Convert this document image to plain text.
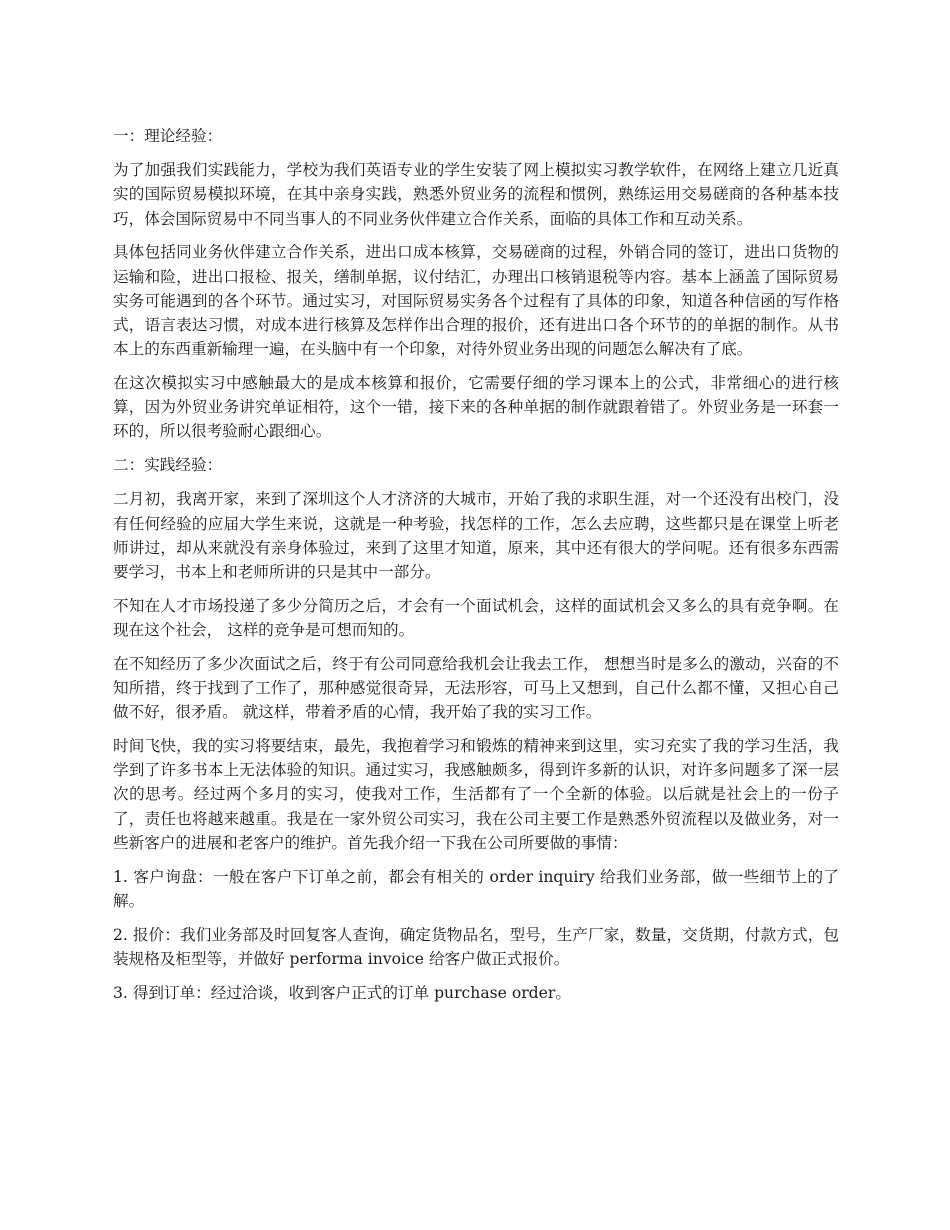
一：理论经验：

为了加强我们实践能力，学校为我们英语专业的学生安装了网上模拟实习教学软件，在网络上建立几近真实的国际贸易模拟环境，在其中亲身实践，熟悉外贸业务的流程和惯例，熟练运用交易磋商的各种基本技巧，体会国际贸易中不同当事人的不同业务伙伴建立合作关系，面临的具体工作和互动关系。

具体包括同业务伙伴建立合作关系，进出口成本核算，交易磋商的过程，外销合同的签订，进出口货物的运输和险，进出口报检、报关，缮制单据，议付结汇，办理出口核销退税等内容。基本上涵盖了国际贸易实务可能遇到的各个环节。通过实习，对国际贸易实务各个过程有了具体的印象，知道各种信函的写作格式，语言表达习惯，对成本进行核算及怎样作出合理的报价，还有进出口各个环节的的单据的制作。从书本上的东西重新输理一遍，在头脑中有一个印象，对待外贸业务出现的问题怎么解决有了底。

在这次模拟实习中感触最大的是成本核算和报价，它需要仔细的学习课本上的公式，非常细心的进行核算，因为外贸业务讲究单证相符，这个一错，接下来的各种单据的制作就跟着错了。外贸业务是一环套一环的，所以很考验耐心跟细心。

二：实践经验：

二月初，我离开家，来到了深圳这个人才济济的大城市，开始了我的求职生涯，对一个还没有出校门，没有任何经验的应届大学生来说，这就是一种考验，找怎样的工作，怎么去应聘，这些都只是在课堂上听老师讲过，却从来就没有亲身体验过，来到了这里才知道，原来，其中还有很大的学问呢。还有很多东西需要学习，书本上和老师所讲的只是其中一部分。

不知在人才市场投递了多少分简历之后，才会有一个面试机会，这样的面试机会又多么的具有竞争啊。在现在这个社会， 这样的竞争是可想而知的。

在不知经历了多少次面试之后，终于有公司同意给我机会让我去工作， 想想当时是多么的激动，兴奋的不知所措，终于找到了工作了，那种感觉很奇异，无法形容，可马上又想到，自己什么都不懂，又担心自己做不好，很矛盾。 就这样，带着矛盾的心情，我开始了我的实习工作。

时间飞快，我的实习将要结束，最先，我抱着学习和锻炼的精神来到这里，实习充实了我的学习生活，我学到了许多书本上无法体验的知识。通过实习，我感触颇多，得到许多新的认识，对许多问题多了深一层次的思考。经过两个多月的实习，使我对工作，生活都有了一个全新的体验。以后就是社会上的一份子了，责任也将越来越重。我是在一家外贸公司实习，我在公司主要工作是熟悉外贸流程以及做业务，对一些新客户的进展和老客户的维护。首先我介绍一下我在公司所要做的事情：

1. 客户询盘：一般在客户下订单之前，都会有相关的 order inquiry 给我们业务部，做一些细节上的了解。

2. 报价：我们业务部及时回复客人查询，确定货物品名，型号，生产厂家，数量，交货期，付款方式，包装规格及柜型等，并做好 performa invoice 给客户做正式报价。

3. 得到订单：经过洽谈，收到客户正式的订单 purchase order。
